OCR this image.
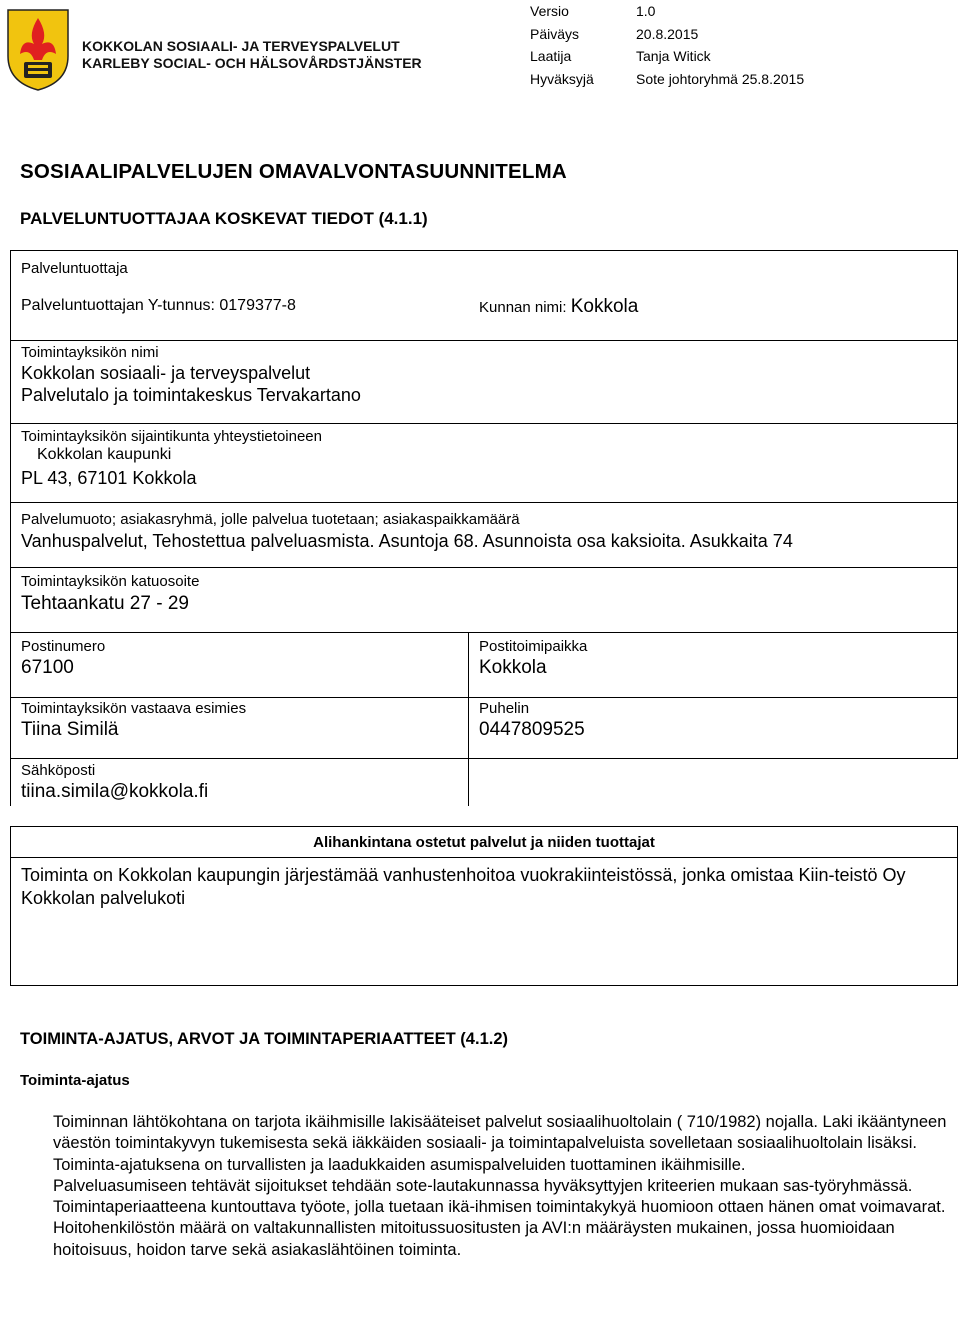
KOKKOLAN SOSIAALI- JA TERVEYSPALVELUT
KARLEBY SOCIAL- OCH HÄLSOVÅRDSTJÄNSTER
Versio	1.0
Päiväys	20.8.2015
Laatija	Tanja Witick
Hyväksyjä	Sote johtoryhmä 25.8.2015
SOSIAALIPALVELUJEN OMAVALVONTASUUNNITELMA
PALVELUNTUOTTAJAA KOSKEVAT TIEDOT (4.1.1)
Palveluntuottaja
Palveluntuottajan Y-tunnus: 0179377-8	Kunnan nimi: Kokkola
Toimintayksikön nimi
Kokkolan sosiaali- ja terveyspalvelut
Palvelutalo ja toimintakeskus Tervakartano
Toimintayksikön sijaintikunta yhteystietoineen
Kokkolan kaupunki
PL 43, 67101 Kokkola
Palvelumuoto; asiakasryhmä, jolle palvelua tuotetaan; asiakaspaikkamäärä
Vanhuspalvelut, Tehostettua palveluasmista. Asuntoja 68. Asunnoista osa kaksioita. Asukkaita 74
Toimintayksikön katuosoite
Tehtaankatu 27 - 29
Postinumero
67100
Postitoimipaikka
Kokkola
Toimintayksikön vastaava esimies
Tiina Similä
Puhelin
0447809525
Sähköposti
tiina.simila@kokkola.fi
Alihankintana ostetut palvelut ja niiden tuottajat
Toiminta on Kokkolan kaupungin järjestämää vanhustenhoitoa vuokrakiinteistössä, jonka omistaa Kiin-teistö Oy Kokkolan palvelukoti
TOIMINTA-AJATUS, ARVOT JA TOIMINTAPERIAATTEET (4.1.2)
Toiminta-ajatus

Toiminnan lähtökohtana on tarjota ikäihmisille lakisääteiset palvelut sosiaalihuoltolain ( 710/1982) nojalla. Laki ikääntyneen väestön toimintakyvyn tukemisesta sekä iäkkäiden sosiaali- ja toimintapalveluista sovelletaan sosiaalihuoltolain lisäksi.

Toiminta-ajatuksena on turvallisten ja laadukkaiden asumispalveluiden tuottaminen ikäihmisille.

Palveluasumiseen tehtävät sijoitukset tehdään sote-lautakunnassa hyväksyttyjen kriteerien mukaan sas-työryhmässä.

Toimintaperiaatteena kuntouttava työote, jolla tuetaan ikä-ihmisen toimintakykyä huomioon ottaen hänen omat voimavarat.

Hoitohenkilöstön määrä on valtakunnallisten mitoitussuositusten ja AVI:n määräysten mukainen, jossa huomioidaan hoitoisuus, hoidon tarve sekä asiakaslähtöinen toiminta.
